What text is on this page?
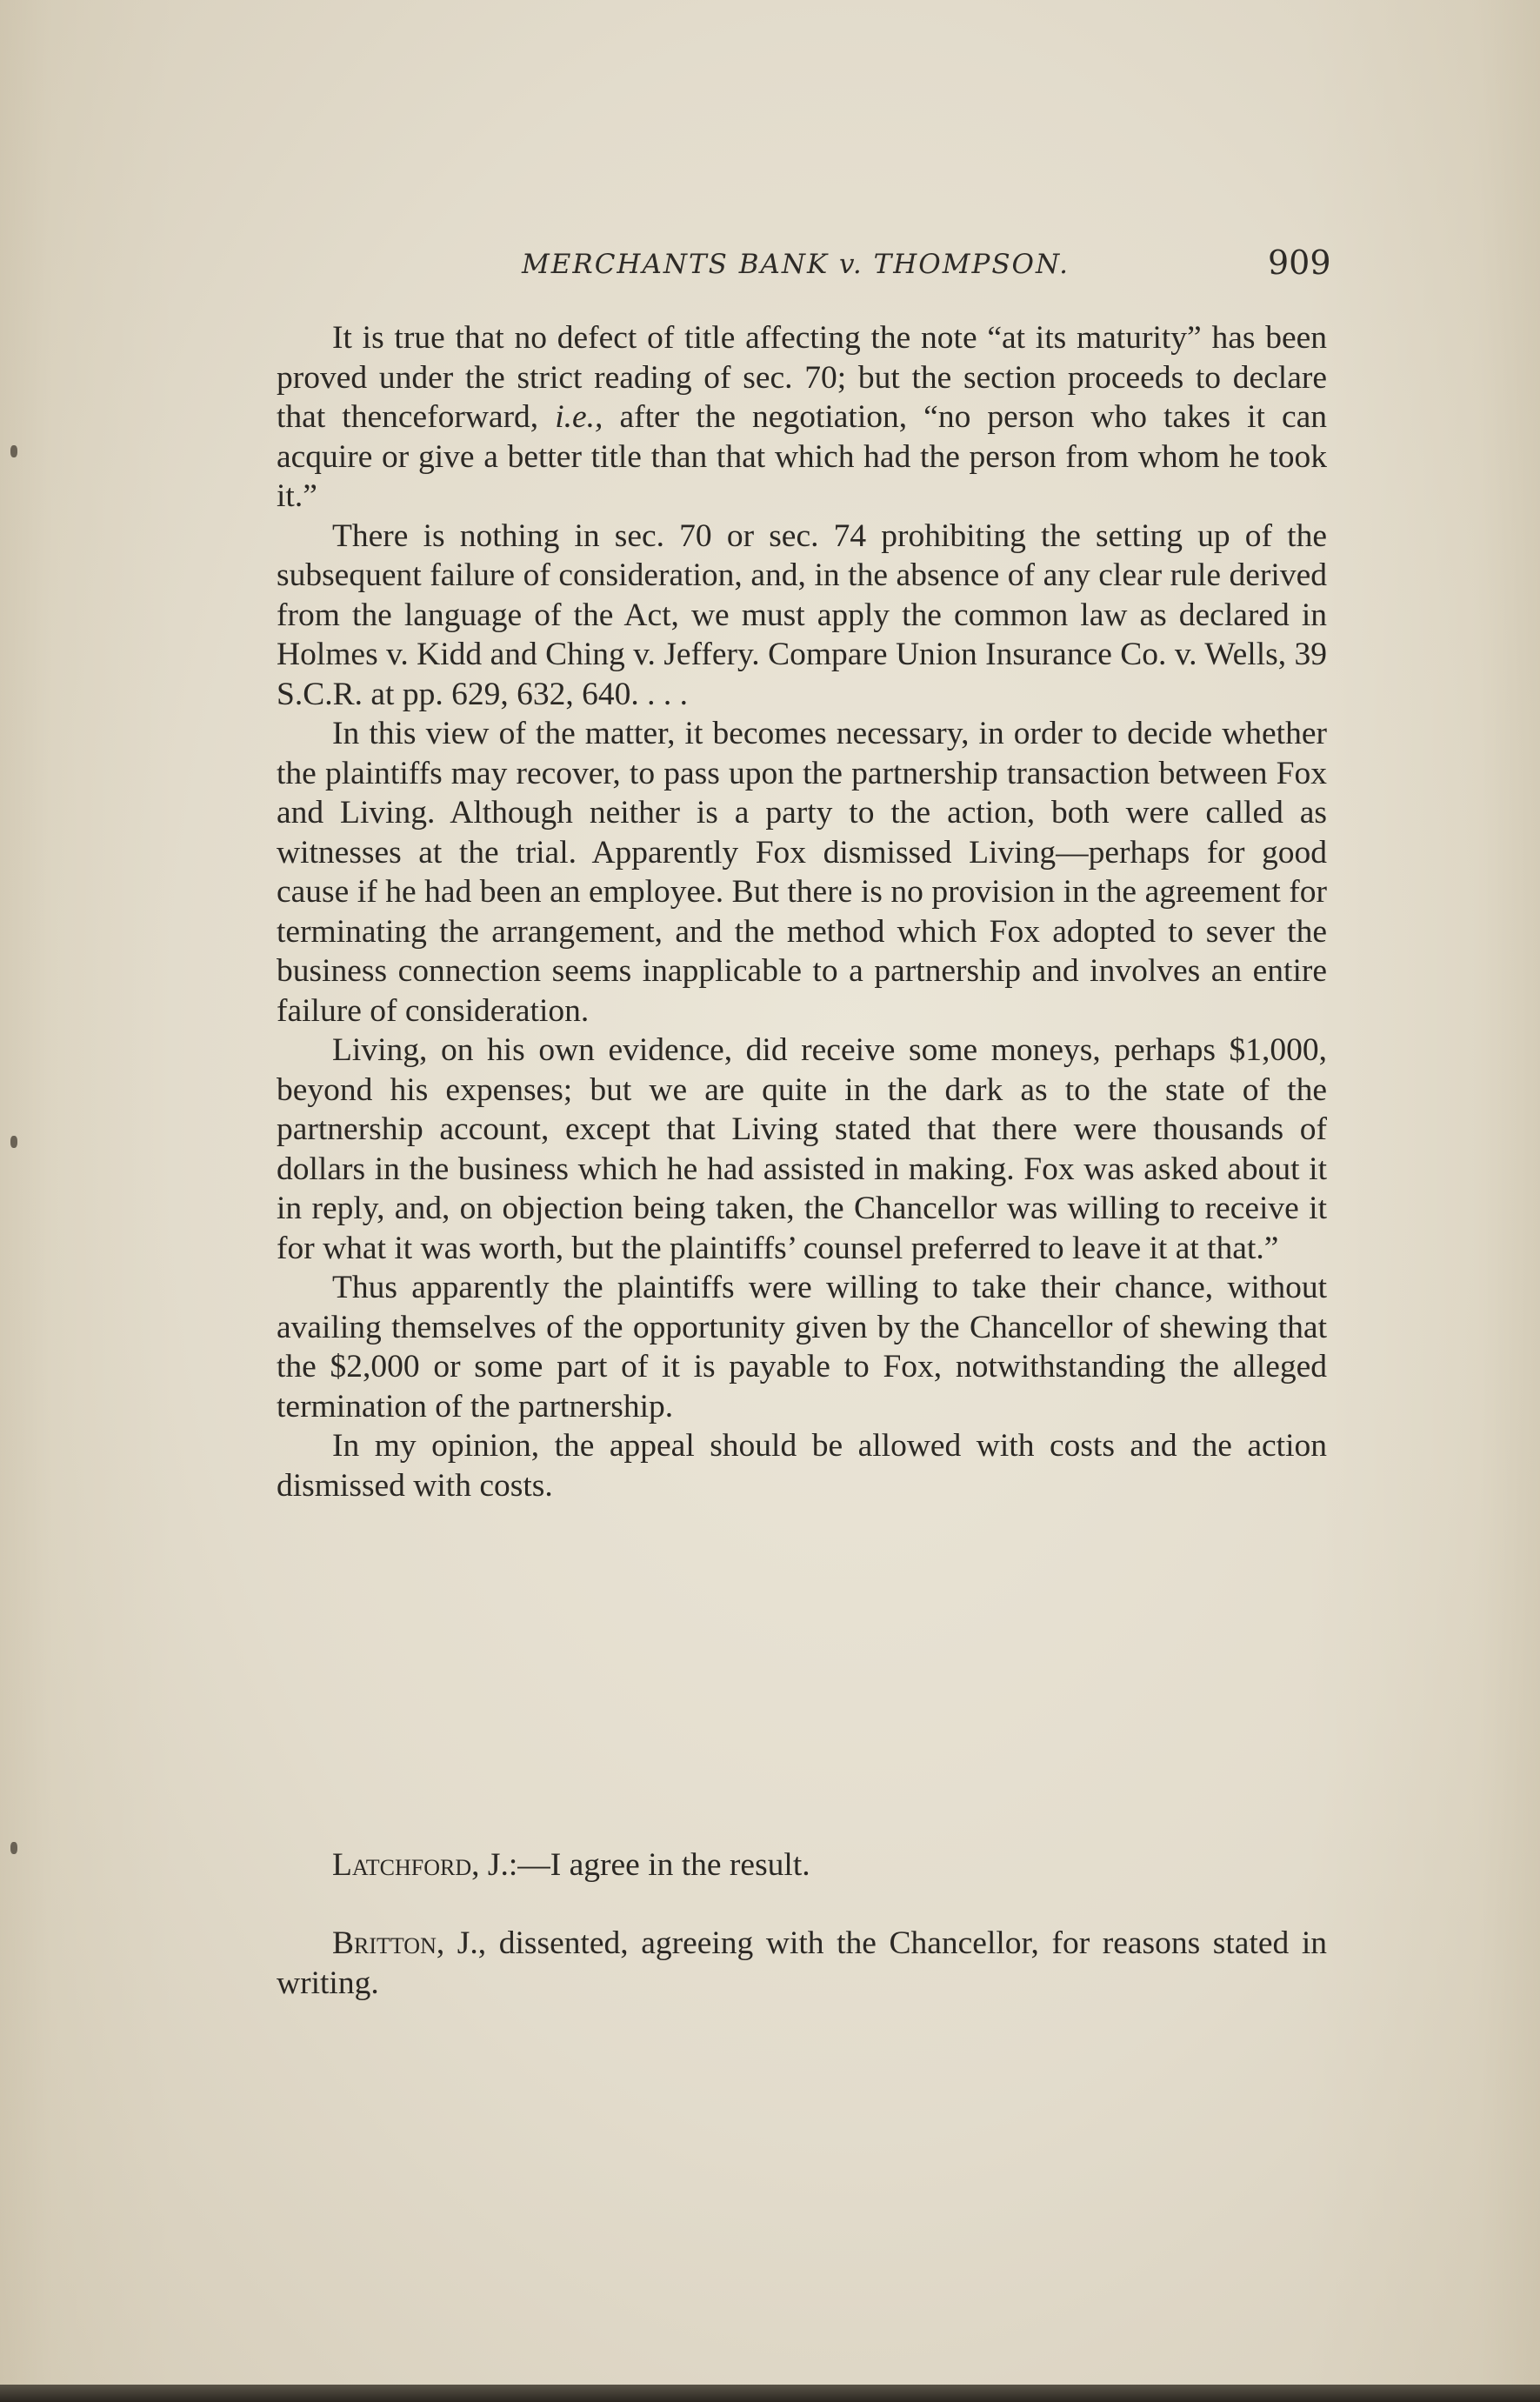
MERCHANTS BANK v. THOMPSON.	909

It is true that no defect of title affecting the note “at its maturity” has been proved under the strict reading of sec. 70; but the section proceeds to declare that thenceforward, i.e., after the negotiation, “no person who takes it can acquire or give a better title than that which had the person from whom he took it.”

There is nothing in sec. 70 or sec. 74 prohibiting the setting up of the subsequent failure of consideration, and, in the absence of any clear rule derived from the language of the Act, we must apply the common law as declared in Holmes v. Kidd and Ching v. Jeffery. Compare Union Insurance Co. v. Wells, 39 S.C.R. at pp. 629, 632, 640. . . .

In this view of the matter, it becomes necessary, in order to decide whether the plaintiffs may recover, to pass upon the partnership transaction between Fox and Living. Although neither is a party to the action, both were called as witnesses at the trial. Apparently Fox dismissed Living—perhaps for good cause if he had been an employee. But there is no provision in the agreement for terminating the arrangement, and the method which Fox adopted to sever the business connection seems inapplicable to a partnership and involves an entire failure of consideration.

Living, on his own evidence, did receive some moneys, perhaps $1,000, beyond his expenses; but we are quite in the dark as to the state of the partnership account, except that Living stated that there were thousands of dollars in the business which he had assisted in making. Fox was asked about it in reply, and, on objection being taken, the Chancellor was willing to receive it for what it was worth, but the plaintiffs’ counsel preferred to leave it at that.”

Thus apparently the plaintiffs were willing to take their chance, without availing themselves of the opportunity given by the Chancellor of shewing that the $2,000 or some part of it is payable to Fox, notwithstanding the alleged termination of the partnership.

In my opinion, the appeal should be allowed with costs and the action dismissed with costs.

Latchford, J.:—I agree in the result.

Britton, J., dissented, agreeing with the Chancellor, for reasons stated in writing.
